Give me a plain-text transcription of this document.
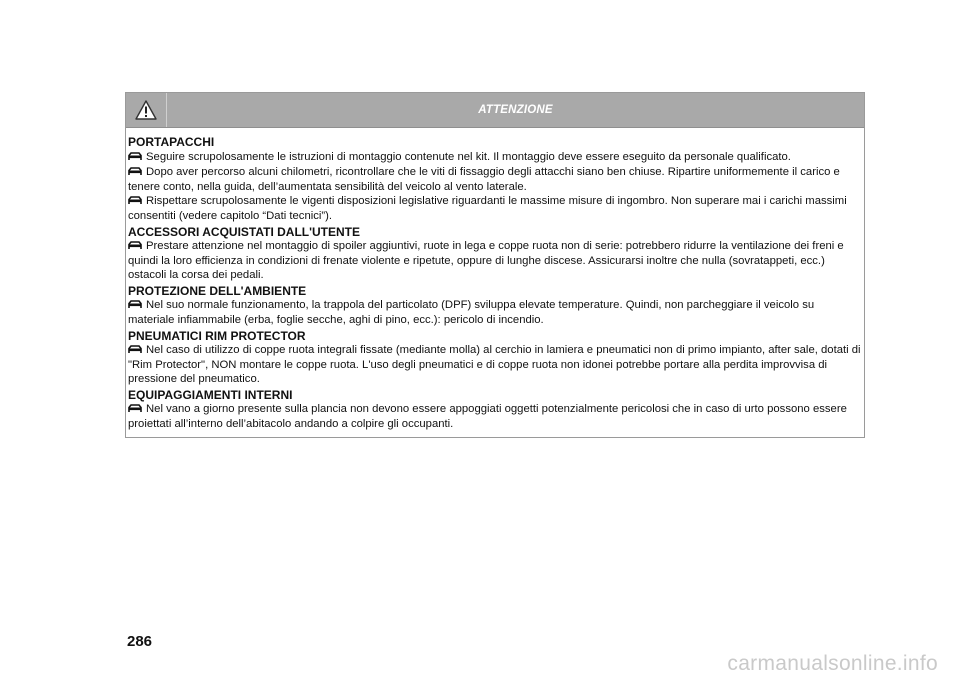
ATTENZIONE
PORTAPACCHI

Seguire scrupolosamente le istruzioni di montaggio contenute nel kit. Il montaggio deve essere eseguito da personale qualificato.

Dopo aver percorso alcuni chilometri, ricontrollare che le viti di fissaggio degli attacchi siano ben chiuse. Ripartire uniformemente il carico e tenere conto, nella guida, dell’aumentata sensibilità del veicolo al vento laterale.

Rispettare scrupolosamente le vigenti disposizioni legislative riguardanti le massime misure di ingombro. Non superare mai i carichi massimi consentiti (vedere capitolo “Dati tecnici”).

ACCESSORI ACQUISTATI DALL'UTENTE

Prestare attenzione nel montaggio di spoiler aggiuntivi, ruote in lega e coppe ruota non di serie: potrebbero ridurre la ventilazione dei freni e quindi la loro efficienza in condizioni di frenate violente e ripetute, oppure di lunghe discese. Assicurarsi inoltre che nulla (sovratappeti, ecc.) ostacoli la corsa dei pedali.

PROTEZIONE DELL'AMBIENTE

Nel suo normale funzionamento, la trappola del particolato (DPF) sviluppa elevate temperature. Quindi, non parcheggiare il veicolo su materiale infiammabile (erba, foglie secche, aghi di pino, ecc.): pericolo di incendio.

PNEUMATICI RIM PROTECTOR

Nel caso di utilizzo di coppe ruota integrali fissate (mediante molla) al cerchio in lamiera e pneumatici non di primo impianto, after sale, dotati di "Rim Protector", NON montare le coppe ruota. L'uso degli pneumatici e di coppe ruota non idonei potrebbe portare alla perdita improvvisa di pressione del pneumatico.

EQUIPAGGIAMENTI INTERNI

Nel vano a giorno presente sulla plancia non devono essere appoggiati oggetti potenzialmente pericolosi che in caso di urto possono essere proiettati all’interno dell’abitacolo andando a colpire gli occupanti.

286
carmanualsonline.info
